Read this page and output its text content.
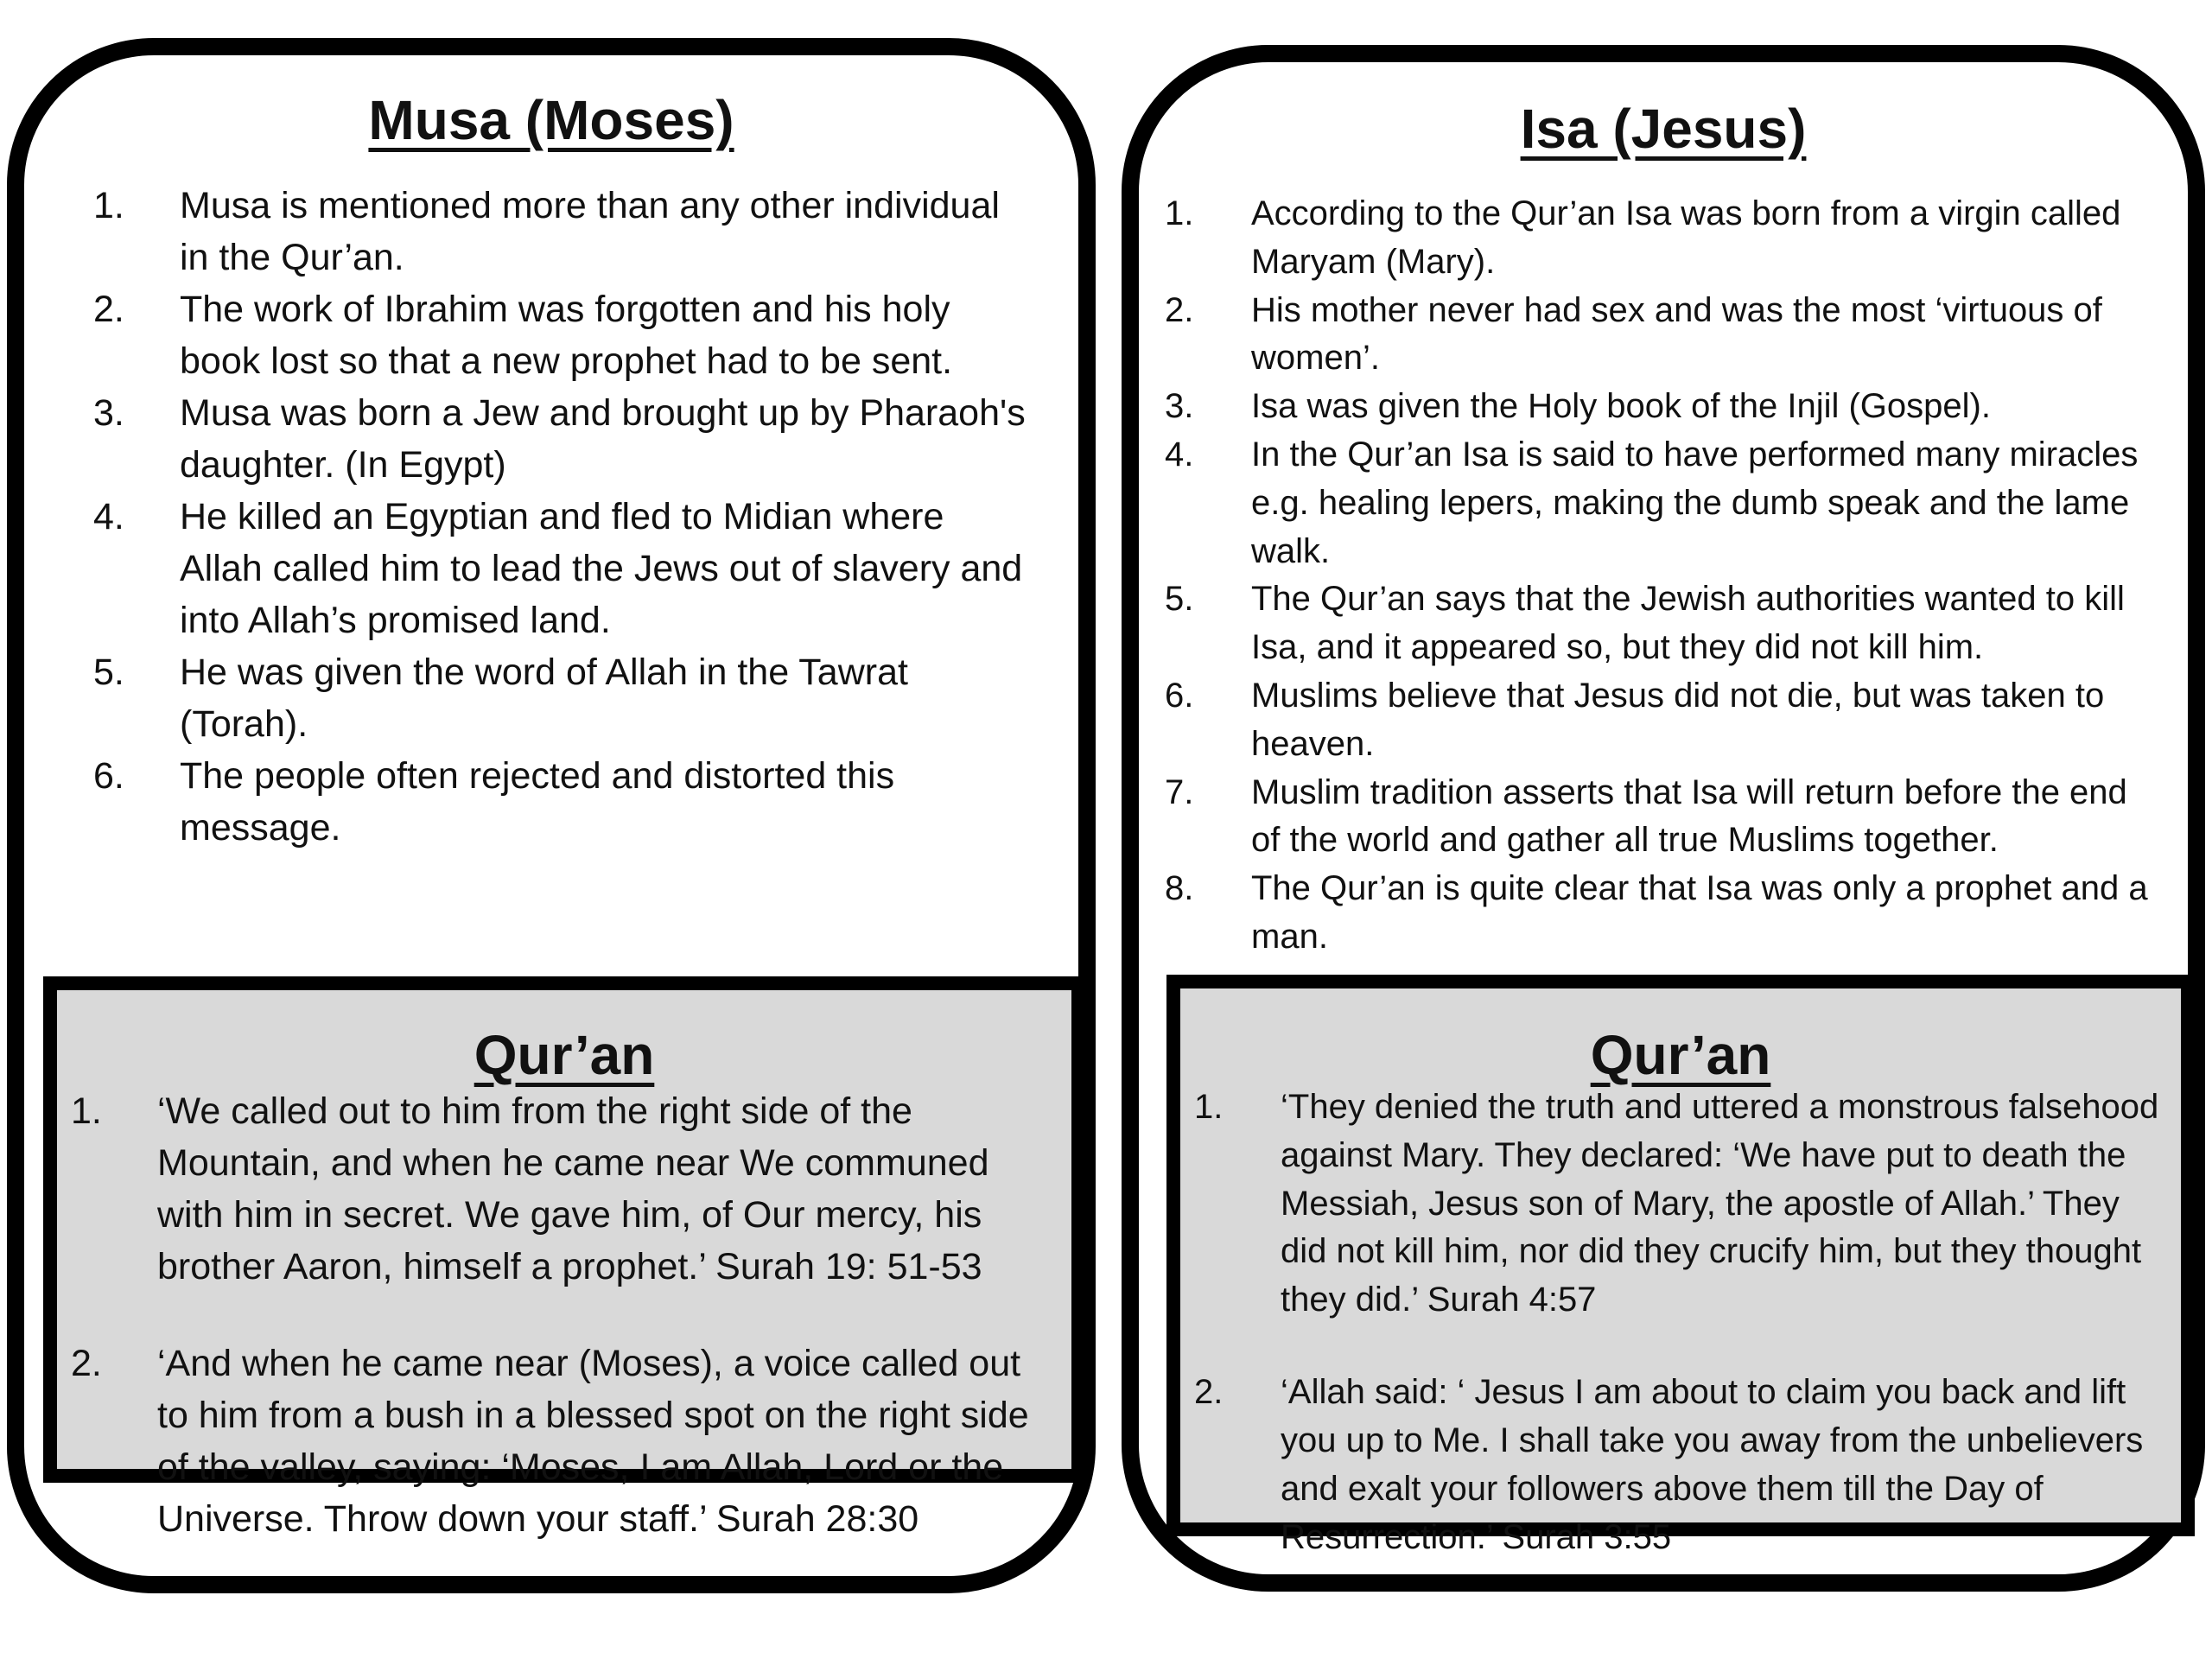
Musa (Moses)
1. Musa is mentioned more than any other individual in the Qur’an.
2. The work of Ibrahim was forgotten and his holy book lost so that a new prophet had to be sent.
3. Musa was born a Jew and brought up by Pharaoh's daughter. (In Egypt)
4. He killed an Egyptian and fled to Midian where Allah called him to lead the Jews out of slavery and into Allah’s promised land.
5. He was given the word of Allah in the Tawrat (Torah).
6. The people often rejected and distorted this message.
Qur’an
1. ‘We called out to him from the right side of the Mountain, and when he came near We communed with him in secret. We gave him, of Our mercy, his brother Aaron, himself a prophet.’ Surah 19: 51-53
2. ‘And when he came near (Moses), a voice called out to him from a bush in a blessed spot on the right side of the valley, saying: ‘Moses, I am Allah, Lord or the Universe. Throw down your staff.’ Surah 28:30
Isa (Jesus)
1. According to the Qur’an Isa was born from a virgin called Maryam (Mary).
2. His mother never had sex and was the most ‘virtuous of women’.
3. Isa was given the Holy book of the Injil (Gospel).
4. In the Qur’an Isa is said to have performed many miracles e.g. healing lepers, making the dumb speak and the lame walk.
5. The Qur’an says that the Jewish authorities wanted to kill Isa, and it appeared so, but they did not kill him.
6. Muslims believe that Jesus did not die, but was taken to heaven.
7. Muslim tradition asserts that Isa will return before the end of the world and gather all true Muslims together.
8. The Qur’an is quite clear that Isa was only a prophet and a man.
Qur’an
1. ‘They denied the truth and uttered a monstrous falsehood against Mary. They declared: ‘We have put to death the Messiah, Jesus son of Mary, the apostle of Allah.’ They did not kill him, nor did they crucify him, but they thought they did.’ Surah 4:57
2. ‘Allah said: ‘ Jesus I am about to claim you back and lift you up to Me. I shall take you away from the unbelievers and exalt your followers above them till the Day of Resurrection.’ Surah 3:55
